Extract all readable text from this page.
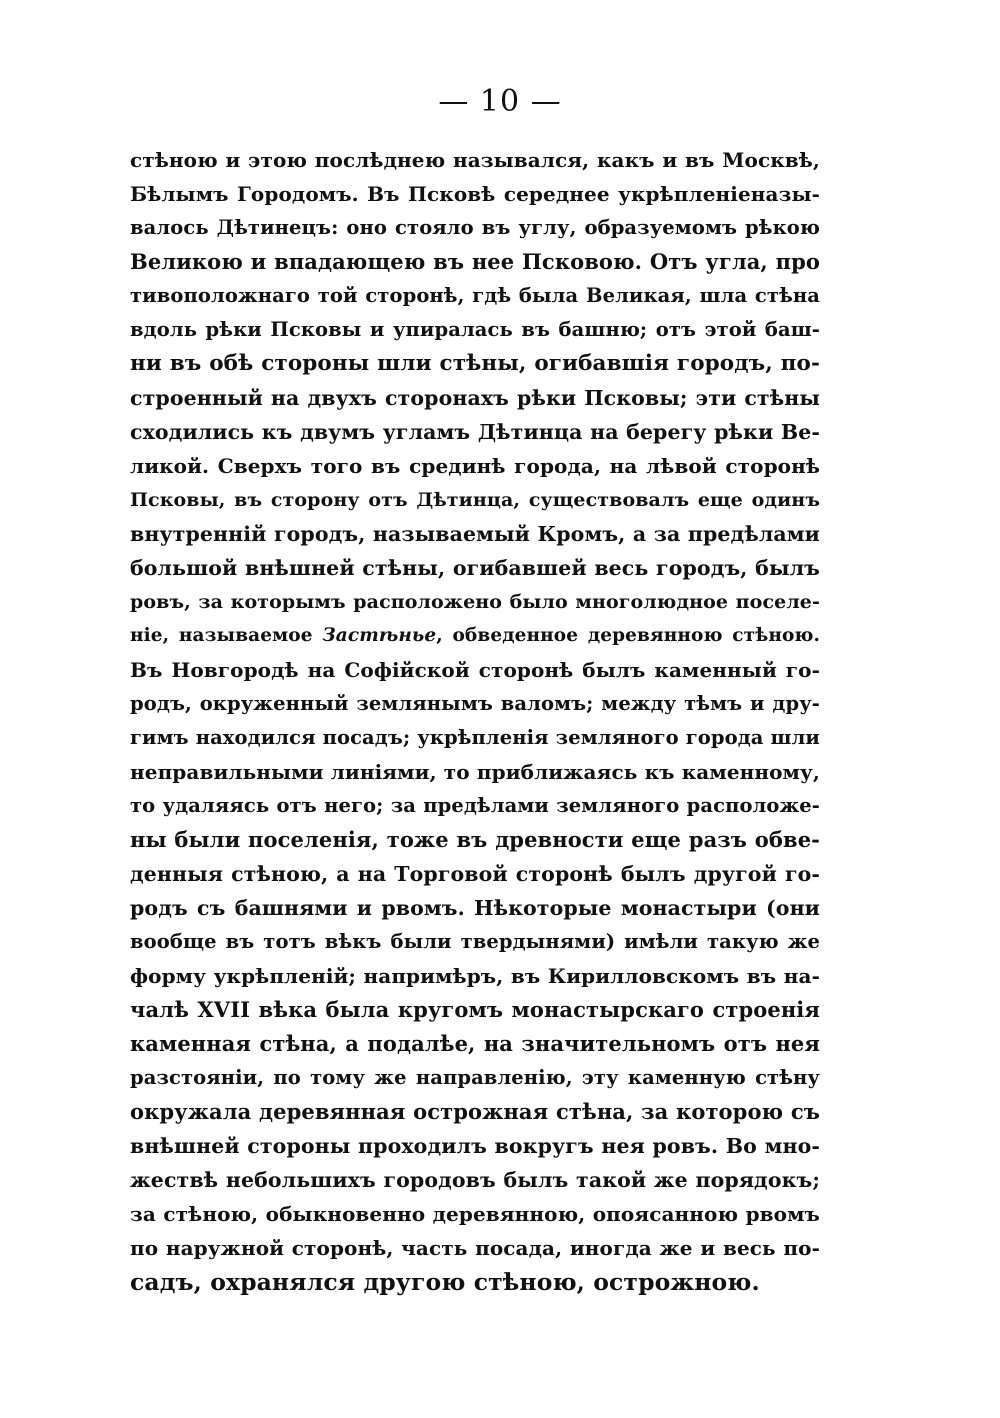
— 10 —
стѣною и этою послѣднею назывался, какъ и въ Москвѣ,
Бѣлымъ Городомъ. Въ Псковѣ середнее укрѣпленіеназы-
валось Дѣтинецъ: оно стояло въ углу, образуемомъ рѣкою
Великою и впадающею въ нее Псковою. Отъ угла, про
тивоположнаго той сторонѣ, гдѣ была Великая, шла стѣна
вдоль рѣки Псковы и упиралась въ башню; отъ этой баш-
ни въ обѣ стороны шли стѣны, огибавшія городъ, по-
строенный на двухъ сторонахъ рѣки Псковы; эти стѣны
сходились къ двумъ угламъ Дѣтинца на берегу рѣки Ве-
ликой. Сверхъ того въ срединѣ города, на лѣвой сторонѣ
Псковы, въ сторону отъ Дѣтинца, существовалъ еще одинъ
внутренній городъ, называемый Кромъ, а за предѣлами
большой внѣшней стѣны, огибавшей весь городъ, былъ
ровъ, за которымъ расположено было многолюдное поселе-
ніе, называемое Застѣнье, обведенное деревянною стѣною.
Въ Новгородѣ на Софійской сторонѣ былъ каменный го-
родъ, окруженный землянымъ валомъ; между тѣмъ и дру-
гимъ находился посадъ; укрѣпленія земляного города шли
неправильными линіями, то приближаясь къ каменному,
то удаляясь отъ него; за предѣлами земляного расположе-
ны были поселенія, тоже въ древности еще разъ обве-
денныя стѣною, а на Торговой сторонѣ былъ другой го-
родъ съ башнями и рвомъ. Нѣкоторые монастыри (они
вообще въ тотъ вѣкъ были твердынями) имѣли такую же
форму укрѣпленій; напримѣръ, въ Кирилловскомъ въ на-
чалѣ XVII вѣка была кругомъ монастырскаго строенія
каменная стѣна, а подалѣе, на значительномъ отъ нея
разстояніи, по тому же направленію, эту каменную стѣну
окружала деревянная острожная стѣна, за которою съ
внѣшней стороны проходилъ вокругъ нея ровъ. Во мно-
жествѣ небольшихъ городовъ былъ такой же порядокъ;
за стѣною, обыкновенно деревянною, опоясанною рвомъ
по наружной сторонѣ, часть посада, иногда же и весь по-
садъ, охранялся другою стѣною, острожною.
